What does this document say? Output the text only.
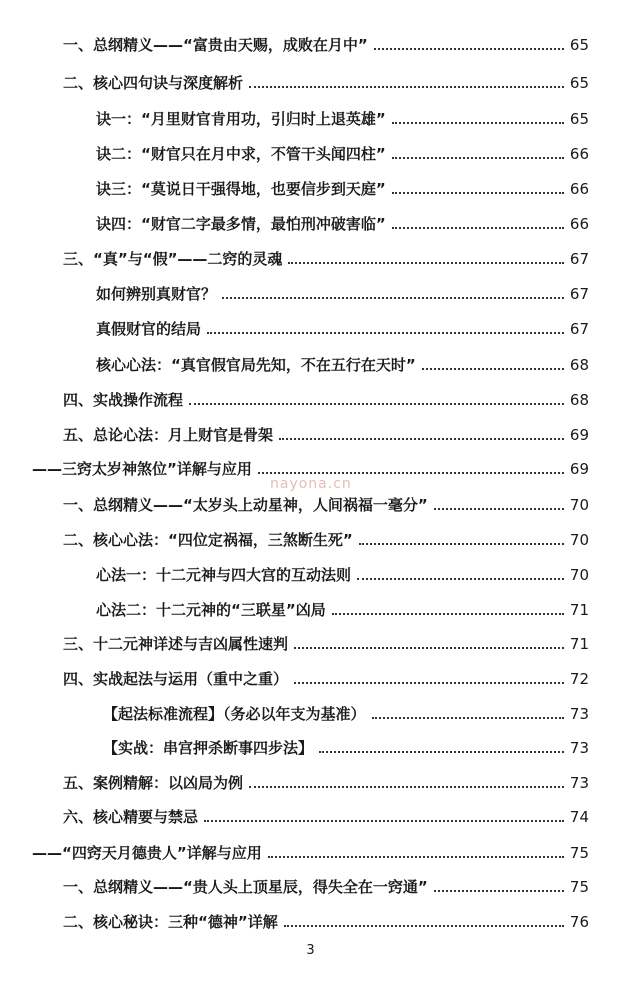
一、总纲精义——“富贵由天赐，成败在月中”	65
二、核心四句诀与深度解析	65
诀一：“月里财官肯用功，引归时上退英雄”	65
诀二：“财官只在月中求，不管干头闻四柱”	66
诀三：“莫说日干强得地，也要信步到天庭”	66
诀四：“财官二字最多情，最怕刑冲破害临”	66
三、“真”与“假”——二窍的灵魂	67
如何辨别真财官？	67
真假财官的结局	67
核心心法：“真官假官局先知，不在五行在天时”	68
四、实战操作流程	68
五、总论心法：月上财官是骨架	69
——三窍太岁神煞位”详解与应用	69
一、总纲精义——“太岁头上动星神，人间祸福一毫分”	70
二、核心心法：“四位定祸福，三煞断生死”	70
心法一：十二元神与四大宫的互动法则	70
心法二：十二元神的“三联星”凶局	71
三、十二元神详述与吉凶属性速判	71
四、实战起法与运用（重中之重）	72
【起法标准流程】（务必以年支为基准）	73
【实战：串宫押杀断事四步法】	73
五、案例精解：以凶局为例	73
六、核心精要与禁忌	74
——“四窍天月德贵人”详解与应用	75
一、总纲精义——“贵人头上顶星辰，得失全在一窍通”	75
二、核心秘诀：三种“德神”详解	76
nayona.cn
3
